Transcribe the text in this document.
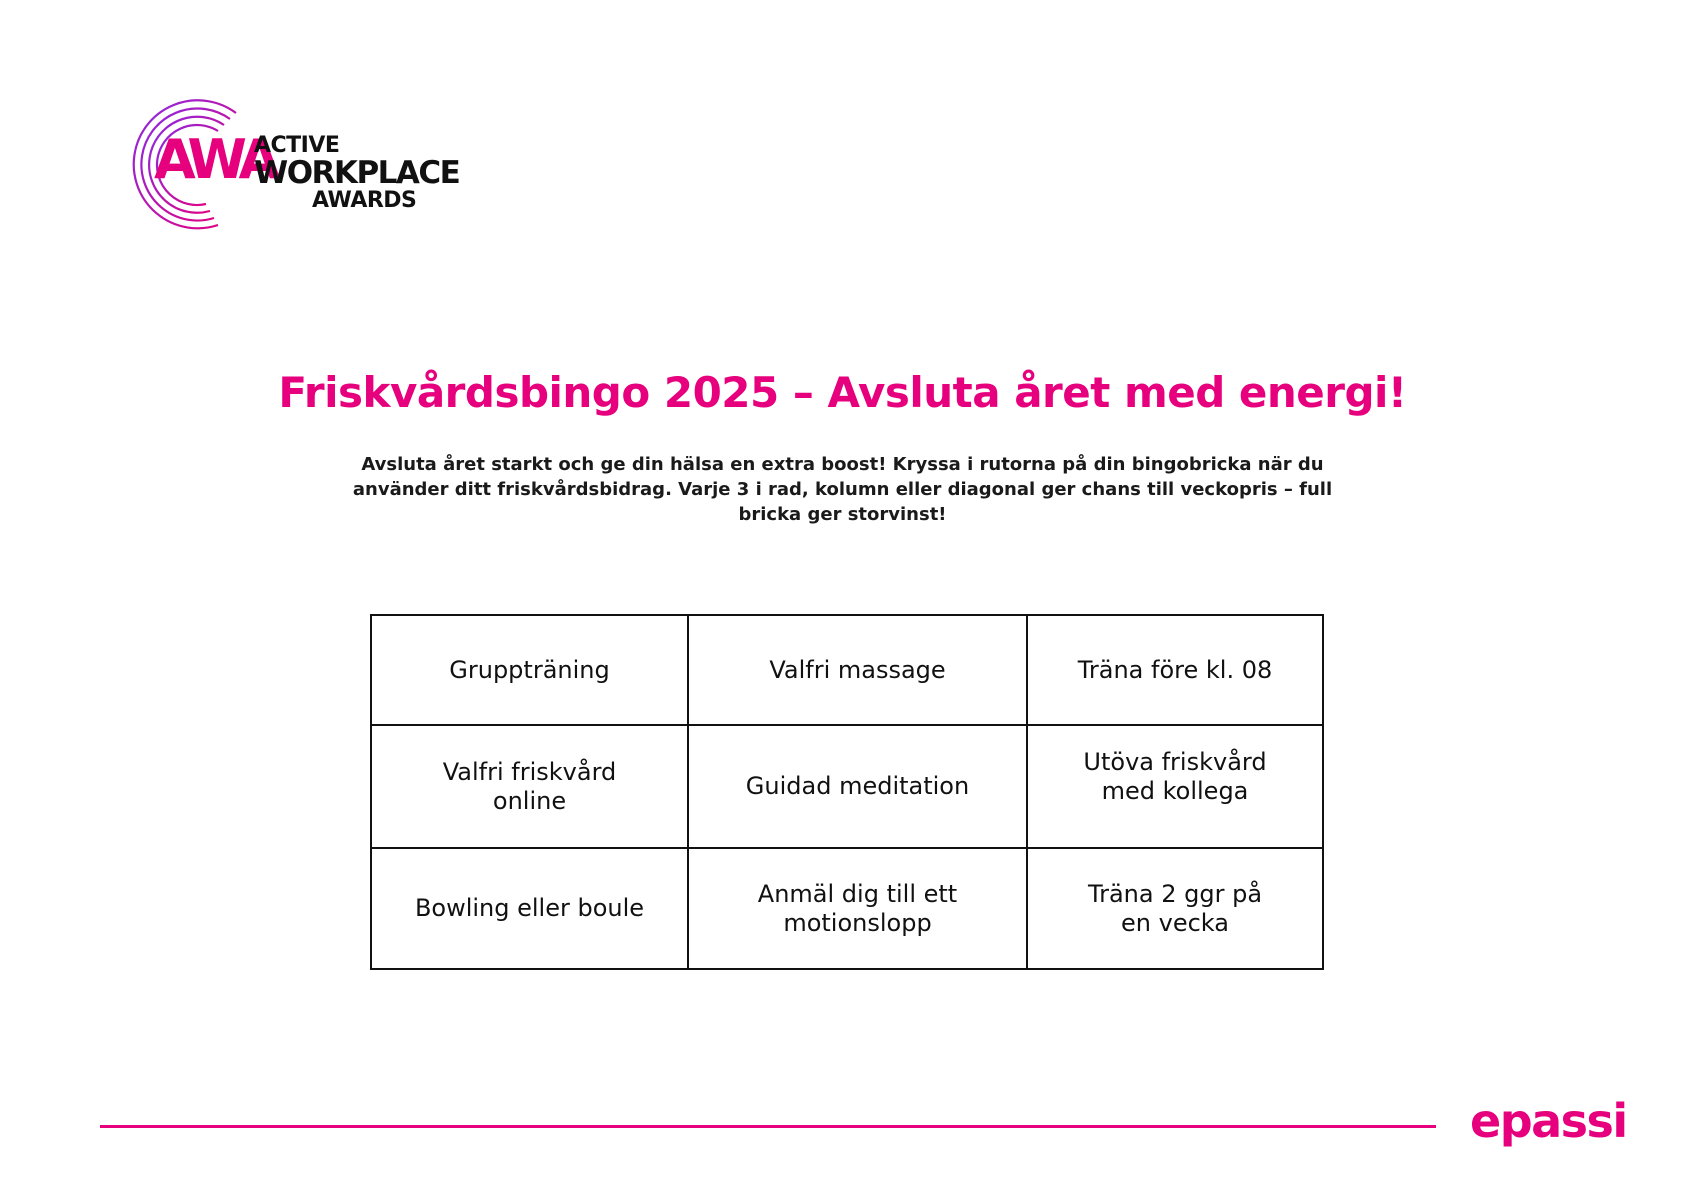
AWA
ACTIVE
WORKPLACE
AWARDS
Friskvårdsbingo 2025 – Avsluta året med energi!
Avsluta året starkt och ge din hälsa en extra boost! Kryssa i rutorna på din bingobricka när du
använder ditt friskvårdsbidrag. Varje 3 i rad, kolumn eller diagonal ger chans till veckopris – full
bricka ger storvinst!
Gruppträning	Valfri massage	Träna före kl. 08
Valfri friskvård
online
Guidad meditation
Utöva friskvård
med kollega
Bowling eller boule
Anmäl dig till ett
motionslopp
Träna 2 ggr på
en vecka
epassi
